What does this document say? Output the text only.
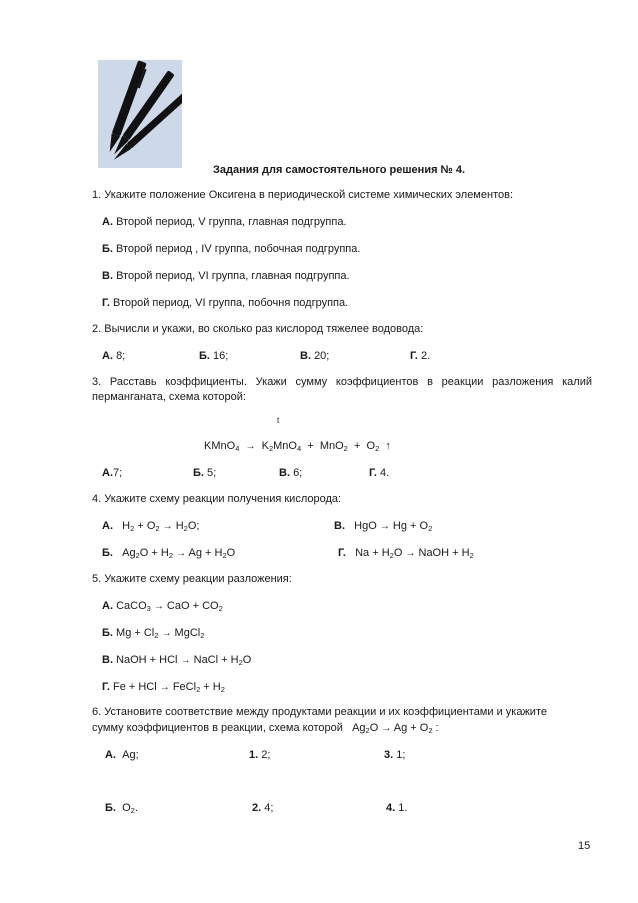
Задания для самостоятельного решения № 4.
1. Укажите положение Оксигена в периодической системе химических элементов:
А. Второй период, V группа, главная подгруппа.
Б. Второй период , IV группа, побочная подгруппа.
В. Второй период, VI группа, главная подгруппа.
Г. Второй период, VI группа, побочня подгруппа.
2. Вычисли и укажи, во сколько раз кислород тяжелее водовода:
А. 8;	Б. 16;	В. 20;	Г. 2.
3. Расставь коэффициенты. Укажи сумму коэффициентов в реакции разложения калий перманганата, схема которой:
t
KMnO$_4$ → $K_2MnO_4 + MnO_2 + O_2$ ↑
А.7;	Б. 5;	В. 6;	Г. 4.
4. Укажите схему реакции получения кислорода:
А. $H_2 + O_2 \to H_2O$;	В. HgO → $Hg + O_2$
Б. $Ag_2O + H_2 \to Ag + H_2O$	Г. $Na + H_2O$ → NaOH + $H_2$
5. Укажите схему реакции разложения:
А. CaCO$_3$ → CaO + $CO_2$
Б. $Mg + Cl_2$ → MgCl$_2$
В. NaOH + HCl → NaCl + $H_2O$
Г. Fe + HCl → FeCl$_2$ + $H_2$
6. Установите соответствие между продуктами реакции и их коэффициентами и укажите
сумму коэффициентов в реакции, схема которой $Ag_2O \to Ag + O_2$ :
А. Ag;	1. 2;	3. 1;
Б. $O_2$.	2. 4;	4. 1.
15
